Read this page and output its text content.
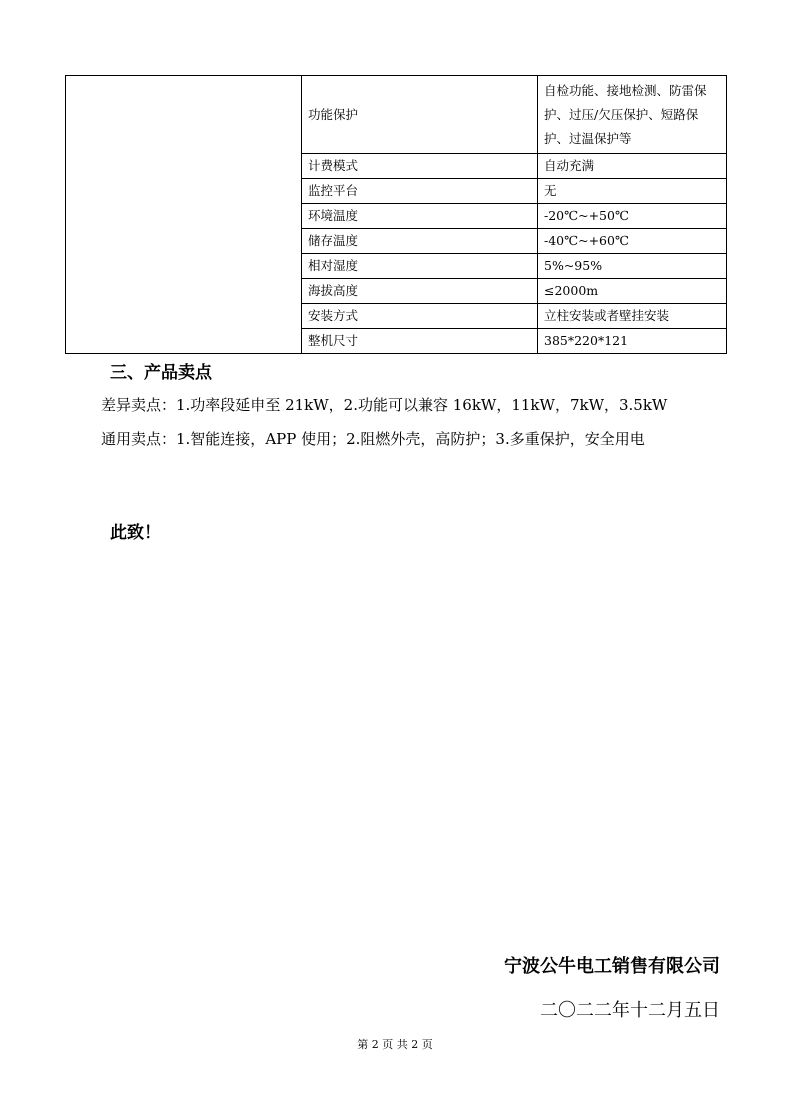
	功能保护	自检功能、接地检测、防雷保护、过压/欠压保护、短路保护、过温保护等
	计费模式	自动充满
	监控平台	无
	环境温度	-20℃~+50℃
	储存温度	-40℃~+60℃
	相对湿度	5%~95%
	海拔高度	≤2000m
	安装方式	立柱安装或者壁挂安装
	整机尺寸	385*220*121
三、产品卖点
差异卖点：1.功率段延申至 21kW，2.功能可以兼容 16kW，11kW，7kW，3.5kW
通用卖点：1.智能连接，APP 使用；2.阻燃外壳，高防护；3.多重保护，安全用电
此致！
宁波公牛电工销售有限公司
二〇二二年十二月五日
第 2 页 共 2 页
